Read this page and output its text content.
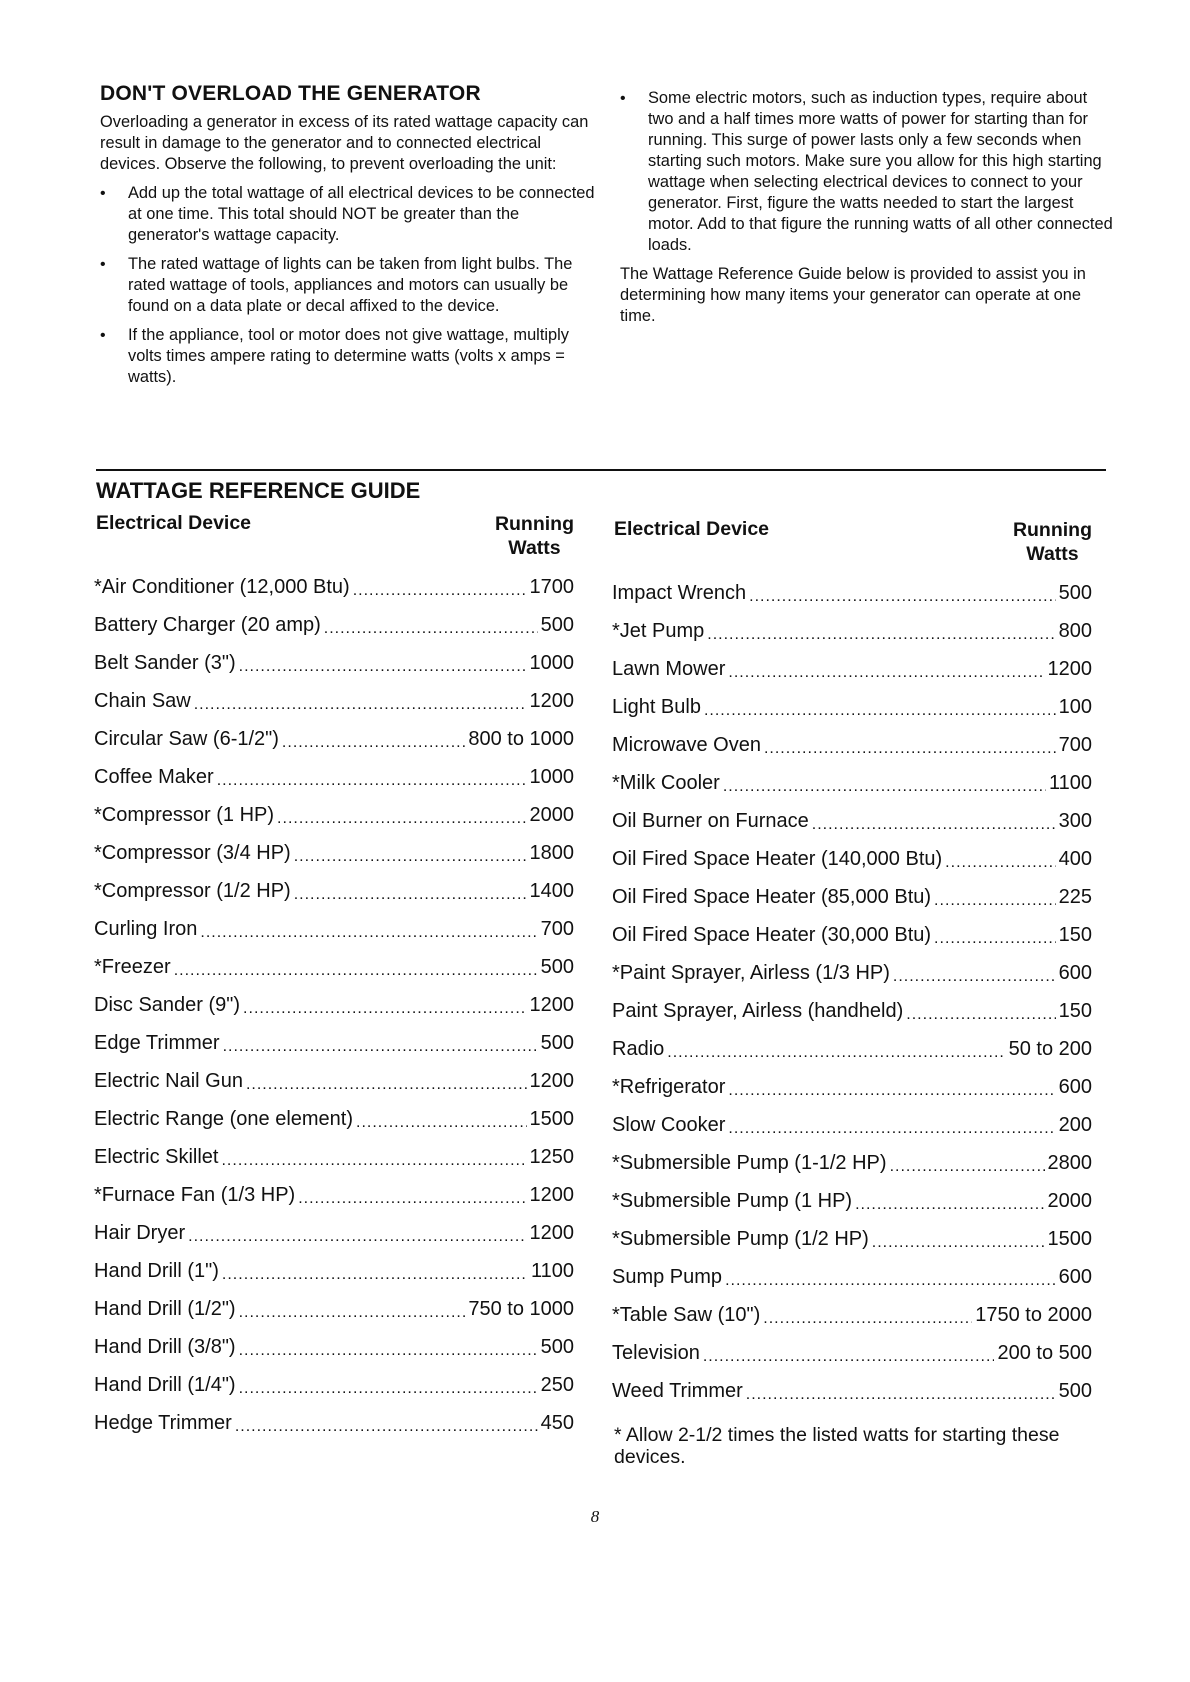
DON'T OVERLOAD THE GENERATOR

Overloading a generator in excess of its rated wattage capacity can result in damage to the generator and to connected electrical devices. Observe the following, to prevent overloading the unit:

• Add up the total wattage of all electrical devices to be connected at one time. This total should NOT be greater than the generator's wattage capacity.
• The rated wattage of lights can be taken from light bulbs. The rated wattage of tools, appliances and motors can usually be found on a data plate or decal affixed to the device.
• If the appliance, tool or motor does not give wattage, multiply volts times ampere rating to determine watts (volts x amps = watts).
• Some electric motors, such as induction types, require about two and a half times more watts of power for starting than for running. This surge of power lasts only a few seconds when starting such motors. Make sure you allow for this high starting wattage when selecting electrical devices to connect to your generator. First, figure the watts needed to start the largest motor. Add to that figure the running watts of all other connected loads.

The Wattage Reference Guide below is provided to assist you in determining how many items your generator can operate at one time.

WATTAGE REFERENCE GUIDE
Electrical Device	Running
Watts
*Air Conditioner (12,000 Btu) .....	1700
Battery Charger (20 amp) .....	500
Belt Sander (3") .....	1000
Chain Saw .....	1200
Circular Saw (6-1/2") .....	800 to 1000
Coffee Maker .....	1000
*Compressor (1 HP) .....	2000
*Compressor (3/4 HP) .....	1800
*Compressor (1/2 HP) .....	1400
Curling Iron .....	700
*Freezer .....	500
Disc Sander (9") .....	1200
Edge Trimmer .....	500
Electric Nail Gun .....	1200
Electric Range (one element) .....	1500
Electric Skillet .....	1250
*Furnace Fan (1/3 HP) .....	1200
Hair Dryer .....	1200
Hand Drill (1") .....	1100
Hand Drill (1/2") .....	750 to 1000
Hand Drill (3/8") .....	500
Hand Drill (1/4") .....	250
Hedge Trimmer .....	450
Electrical Device	Running
Watts
Impact Wrench .....	500
*Jet Pump .....	800
Lawn Mower .....	1200
Light Bulb .....	100
Microwave Oven .....	700
*Milk Cooler .....	1100
Oil Burner on Furnace .....	300
Oil Fired Space Heater (140,000 Btu) .....	400
Oil Fired Space Heater (85,000 Btu) .....	225
Oil Fired Space Heater (30,000 Btu) .....	150
*Paint Sprayer, Airless (1/3 HP) .....	600
Paint Sprayer, Airless (handheld) .....	150
Radio .....	50 to 200
*Refrigerator .....	600
Slow Cooker .....	200
*Submersible Pump (1-1/2 HP) .....	2800
*Submersible Pump (1 HP) .....	2000
*Submersible Pump (1/2 HP) .....	1500
Sump Pump .....	600
*Table Saw (10") .....	1750 to 2000
Television .....	200 to 500
Weed Trimmer .....	500
* Allow 2-1/2 times the listed watts for starting these devices.
8
